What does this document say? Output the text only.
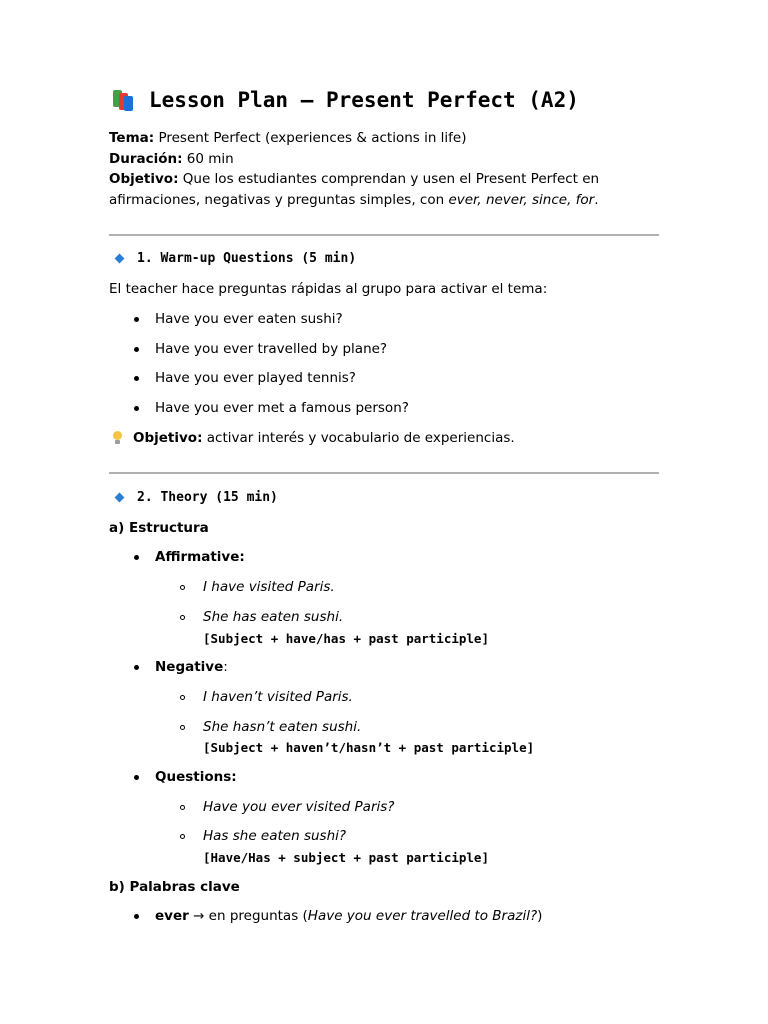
Lesson Plan – Present Perfect (A2)
Tema: Present Perfect (experiences & actions in life)
Duración: 60 min
Objetivo: Que los estudiantes comprendan y usen el Present Perfect en afirmaciones, negativas y preguntas simples, con ever, never, since, for.
1. Warm-up Questions (5 min)
El teacher hace preguntas rápidas al grupo para activar el tema:
Have you ever eaten sushi?
Have you ever travelled by plane?
Have you ever played tennis?
Have you ever met a famous person?
Objetivo: activar interés y vocabulario de experiencias.
2. Theory (15 min)
a) Estructura
Affirmative:
I have visited Paris.
She has eaten sushi.
[Subject + have/has + past participle]
Negative:
I haven’t visited Paris.
She hasn’t eaten sushi.
[Subject + haven’t/hasn’t + past participle]
Questions:
Have you ever visited Paris?
Has she eaten sushi?
[Have/Has + subject + past participle]
b) Palabras clave
ever → en preguntas (Have you ever travelled to Brazil?)
